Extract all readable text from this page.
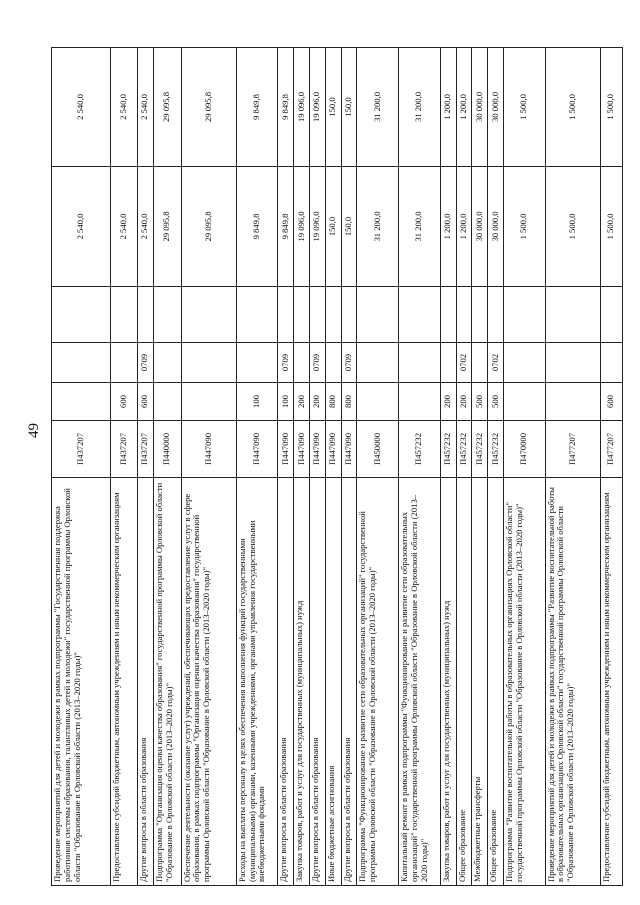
49
Проведение мероприятий для детей и молодежи в рамках подпрограммы "Государственная поддержка работников системы образования, талантливых детей и молодежи" государственной программы Орловской области "Образование в Орловской области (2013–2020 годы)"	П437207				2 540,0	2 540,0
Предоставление субсидий бюджетным, автономным учреждениям и иным некоммерческим организациям	П437207	600			2 540,0	2 540,0
Другие вопросы в области образования	П437207	600	0709		2 540,0	2 540,0
Подпрограмма "Организация оценки качества образования" государственной программы Орловской области "Образование в Орловской области (2013–2020 годы)"	П440000				29 095,8	29 095,8
Обеспечение деятельности (оказание услуг) учреждений, обеспечивающих предоставление услуг в сфере образования, в рамках подпрограммы "Организация оценки качества образования" государственной программы Орловской области "Образование в Орловской области (2013–2020 годы)"	П447090				29 095,8	29 095,8
Расходы на выплаты персоналу в целях обеспечения выполнения функций государственными (муниципальными) органами, казенными учреждениями, органами управления государственными внебюджетными фондами	П447090	100			9 849,8	9 849,8
Другие вопросы в области образования	П447090	100	0709		9 849,8	9 849,8
Закупка товаров, работ и услуг для государственных (муниципальных) нужд	П447090	200			19 096,0	19 096,0
Другие вопросы в области образования	П447090	200	0709		19 096,0	19 096,0
Иные бюджетные ассигнования	П447090	800			150,0	150,0
Другие вопросы в области образования	П447090	800	0709		150,0	150,0
Подпрограмма "Функционирование и развитие сети образовательных организаций" государственной программы Орловской области "Образование в Орловской области (2013–2020 годы)"	П450000				31 200,0	31 200,0
Капитальный ремонт в рамках подпрограммы "Функционирование и развитие сети образовательных организаций" государственной программы Орловской области "Образование в Орловской области (2013–2020 годы)"	П457232				31 200,0	31 200,0
Закупка товаров, работ и услуг для государственных (муниципальных) нужд	П457232	200			1 200,0	1 200,0
Общее образование	П457232	200	0702		1 200,0	1 200,0
Межбюджетные трансферты	П457232	500			30 000,0	30 000,0
Общее образование	П457232	500	0702		30 000,0	30 000,0
Подпрограмма "Развитие воспитательной работы в образовательных организациях Орловской области" государственной программы Орловской области "Образование в Орловской области (2013–2020 годы)"	П470000				1 500,0	1 500,0
Проведение мероприятий для детей и молодежи в рамках подпрограммы "Развитие воспитательной работы в образовательных организациях Орловской области" государственной программы Орловской области "Образование в Орловской области (2013–2020 годы)"	П477207				1 500,0	1 500,0
Предоставление субсидий бюджетным, автономным учреждениям и иным некоммерческим организациям	П477207	600			1 500,0	1 500,0
